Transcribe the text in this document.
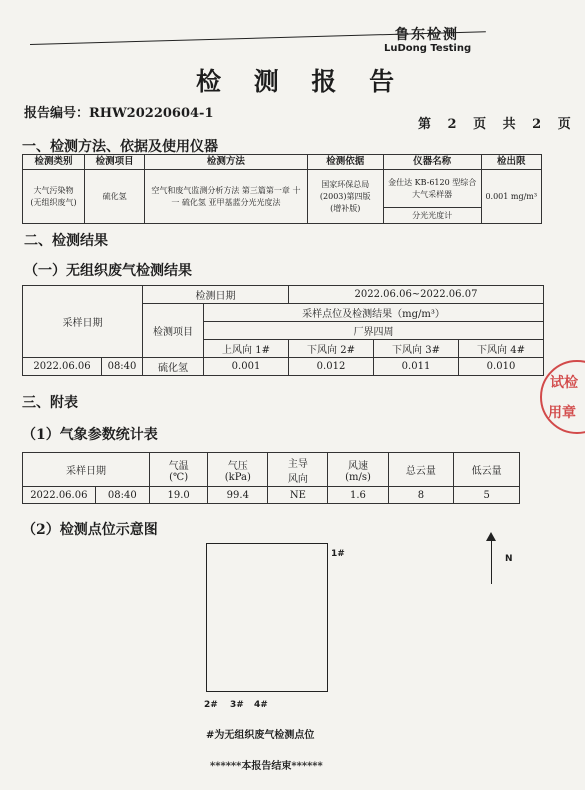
鲁东检测
LuDong Testing
检 测 报 告
报告编号：RHW20220604-1
第 2 页 共 2 页
一、检测方法、依据及使用仪器
检测类别	检测项目	检测方法	检测依据	仪器名称	检出限
大气污染物
(无组织废气)	硫化氢	空气和废气监测分析方法 第三篇第一章 十一 硫化氢 亚甲基蓝分光光度法	国家环保总局
(2003)第四版
(增补版)	金仕达 KB-6120 型综合大气采样器	0.001 mg/m³
				分光光度计	
二、检测结果
（一）无组织废气检测结果
采样日期		检测日期		2022.06.06~2022.06.07		
		检测项目	采样点位及检测结果（mg/m³）			
			厂界四周			
			上风向 1#	下风向 2#	下风向 3#	下风向 4#
2022.06.06	08:40	硫化氢	0.001	0.012	0.011	0.010
试检
用章
三、附表
（1）气象参数统计表
采样日期		气温
(℃)	气压
(kPa)	主导
风向	风速
(m/s)	总云量	低云量
2022.06.06	08:40	19.0	99.4	NE	1.6	8	5
（2）检测点位示意图
1#
2# 3# 4#
N
#为无组织废气检测点位
******本报告结束******
